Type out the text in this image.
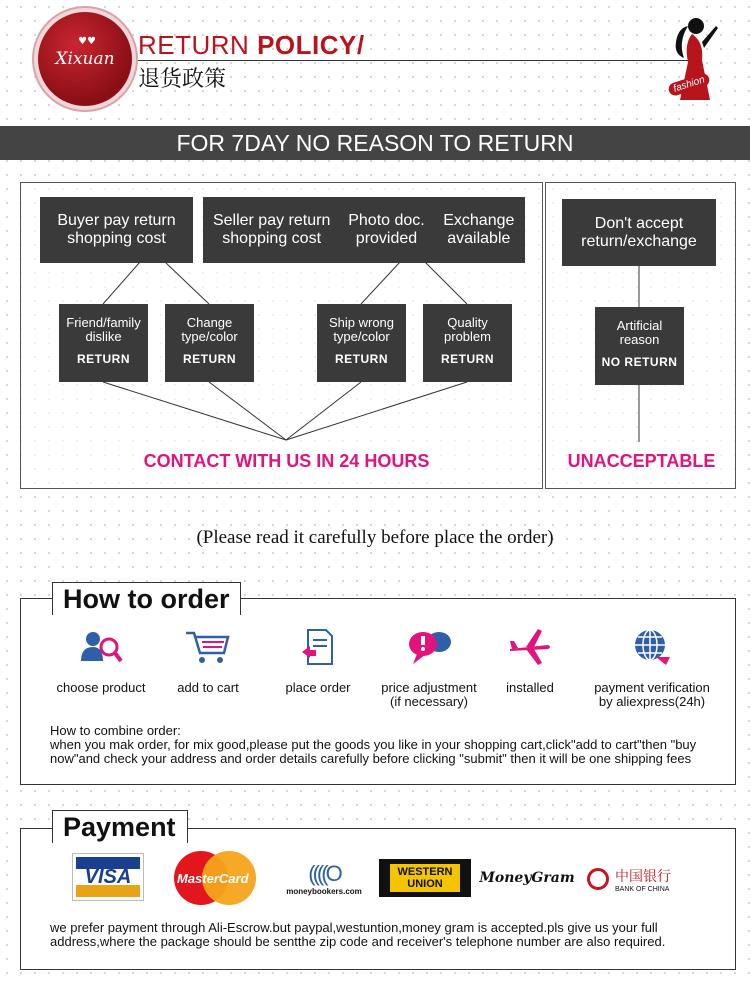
♥♥
Xixuan RETURN POLICY/
退货政策	fashion
FOR 7DAY NO REASON TO RETURN
Buyer pay return shopping cost
Seller pay return shopping cost
Photo doc. provided
Exchange available
Friend/family dislike
RETURN
Change type/color
RETURN
Ship wrong type/color
RETURN
Quality problem
RETURN
CONTACT WITH US IN 24 HOURS
Don't accept return/exchange
Artificial reason
NO RETURN
UNACCEPTABLE
(Please read it carefully before place the order)
How to order
choose product	add to cart	place order	price adjustment
(if necessary)
installed	payment verification
by aliexpress(24h)
How to combine order:
when you mak order, for mix good,please put the goods you like in your shopping cart,click"add to cart"then "buy now"and check your address and order details carefully before clicking "submit" then it will be one shipping fees
Payment
VISA	MasterCard	((((O
moneybookers.com
WESTERN UNION	MoneyGram	中国银行
BANK OF CHINA
we prefer payment through Ali-Escrow.but paypal,westuntion,money gram is accepted.pls give us your full address,where the package should be sentthe zip code and receiver's telephone number are also required.
